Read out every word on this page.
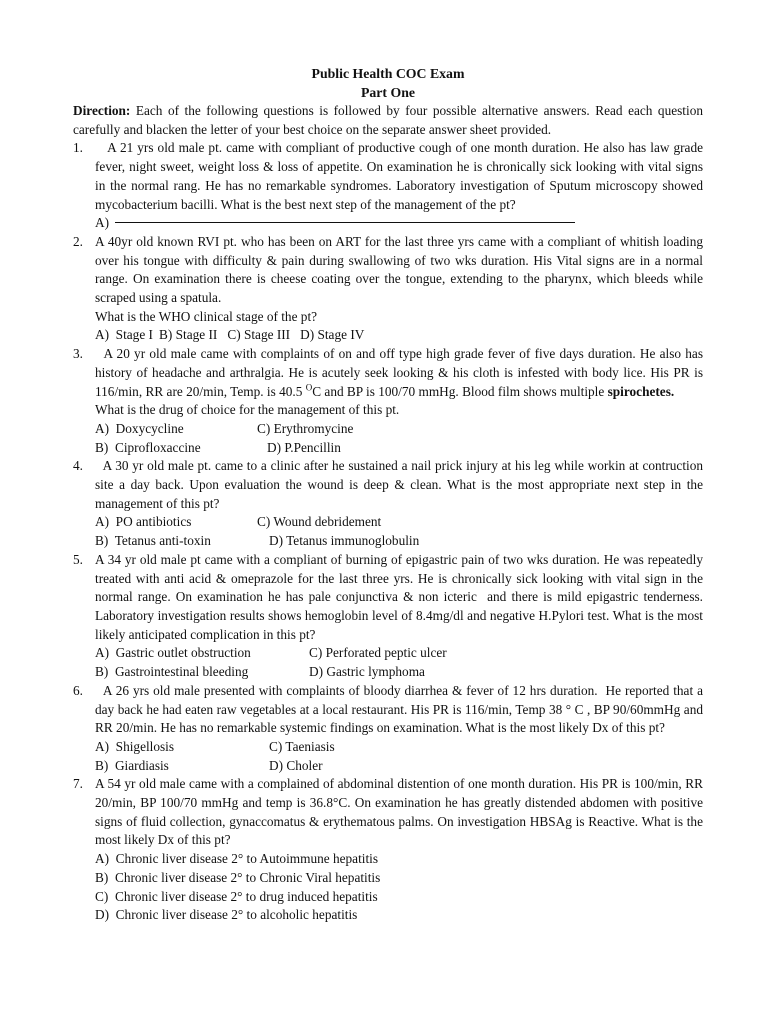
Public Health COC Exam
Part One
Direction: Each of the following questions is followed by four possible alternative answers. Read each question carefully and blacken the letter of your best choice on the separate answer sheet provided.
1. A 21 yrs old male pt. came with compliant of productive cough of one month duration. He also has law grade fever, night sweet, weight loss & loss of appetite. On examination he is chronically sick looking with vital signs in the normal rang. He has no remarkable syndromes. Laboratory investigation of Sputum microscopy showed mycobacterium bacilli. What is the best next step of the management of the pt?
A)
2. A 40yr old known RVI pt. who has been on ART for the last three yrs came with a compliant of whitish loading over his tongue with difficulty & pain during swallowing of two wks duration. His Vital signs are in a normal range. On examination there is cheese coating over the tongue, extending to the pharynx, which bleeds while scraped using a spatula.
What is the WHO clinical stage of the pt?
A)  Stage I B) Stage II C) Stage III D) Stage IV
3. A 20 yr old male came with complaints of on and off type high grade fever of five days duration. He also has history of headache and arthralgia. He is acutely seek looking & his cloth is infested with body lice. His PR is 116/min, RR are 20/min, Temp. is 40.5 $^O$C and BP is 100/70 mmHg. Blood film shows multiple spirochetes.
What is the drug of choice for the management of this pt.
A)  Doxycycline	C) Erythromycine
B)  Ciprofloxaccine	D) P.Pencillin
4. A 30 yr old male pt. came to a clinic after he sustained a nail prick injury at his leg while workin at contruction site a day back. Upon evaluation the wound is deep & clean. What is the most appropriate next step in the management of this pt?
A)  PO antibiotics	C) Wound debridement
B)  Tetanus anti-toxin	D) Tetanus immunoglobulin
5. A 34 yr old male pt came with a compliant of burning of epigastric pain of two wks duration. He was repeatedly treated with anti acid & omeprazole for the last three yrs. He is chronically sick looking with vital sign in the normal range. On examination he has pale conjunctiva & non icteric  and there is mild epigastric tenderness. Laboratory investigation results shows hemoglobin level of 8.4mg/dl and negative H.Pylori test. What is the most likely anticipated complication in this pt?
A)  Gastric outlet obstruction	C) Perforated peptic ulcer
B)  Gastrointestinal bleeding	D) Gastric lymphoma
6. A 26 yrs old male presented with complaints of bloody diarrhea & fever of 12 hrs duration.  He reported that a day back he had eaten raw vegetables at a local restaurant. His PR is 116/min, Temp 38 ° C , BP 90/60mmHg and RR 20/min. He has no remarkable systemic findings on examination. What is the most likely Dx of this pt?
A)  Shigellosis	C) Taeniasis
B)  Giardiasis	D) Choler
7. A 54 yr old male came with a complained of abdominal distention of one month duration. His PR is 100/min, RR 20/min, BP 100/70 mmHg and temp is 36.8°C. On examination he has greatly distended abdomen with positive signs of fluid collection, gynaccomatus & erythematous palms. On investigation HBSAg is Reactive. What is the most likely Dx of this pt?
A)  Chronic liver disease 2° to Autoimmune hepatitis
B)  Chronic liver disease 2° to Chronic Viral hepatitis
C)  Chronic liver disease 2° to drug induced hepatitis
D)  Chronic liver disease 2° to alcoholic hepatitis
